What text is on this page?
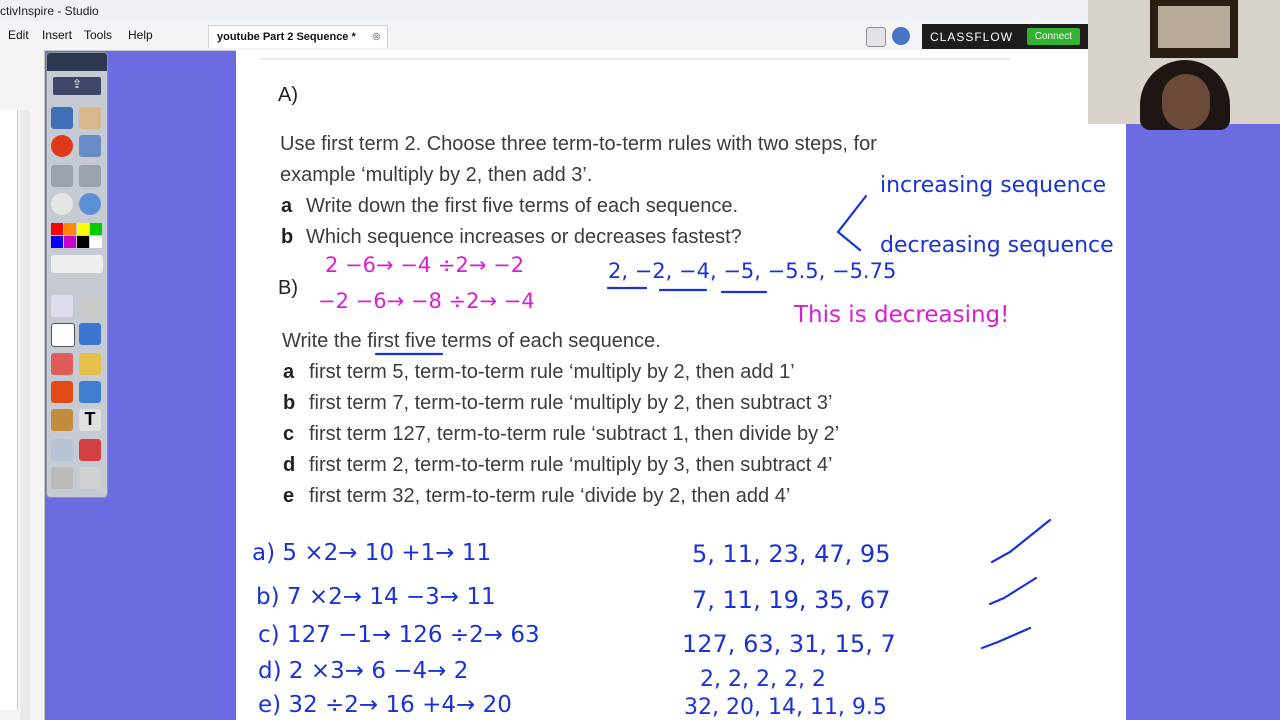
ctivInspire - Studio
Edit Insert Tools Help	youtube Part 2 Sequence * ⊗	CLASSFLOW	Connect
⇪
T
A)
Use first term 2. Choose three term-to-term rules with two steps, for
example ‘multiply by 2, then add 3’.
a Write down the first five terms of each sequence.
b Which sequence increases or decreases fastest?
B)
Write the first five terms of each sequence.
a first term 5, term-to-term rule ‘multiply by 2, then add 1’
b first term 7, term-to-term rule ‘multiply by 2, then subtract 3’
c first term 127, term-to-term rule ‘subtract 1, then divide by 2’
d first term 2, term-to-term rule ‘multiply by 3, then subtract 4’
e first term 32, term-to-term rule ‘divide by 2, then add 4’
increasing sequence
decreasing sequence
2, −2, −4, −5, −5.5, −5.75
a) 5 ×2→ 10 +1→ 11
b) 7 ×2→ 14 −3→ 11
c) 127 −1→ 126 ÷2→ 63
d) 2 ×3→ 6 −4→ 2
e) 32 ÷2→ 16 +4→ 20
5, 11, 23, 47, 95
7, 11, 19, 35, 67
127, 63, 31, 15, 7
2, 2, 2, 2, 2
32, 20, 14, 11, 9.5
2 −6→ −4 ÷2→ −2
−2 −6→ −8 ÷2→ −4
This is decreasing!
